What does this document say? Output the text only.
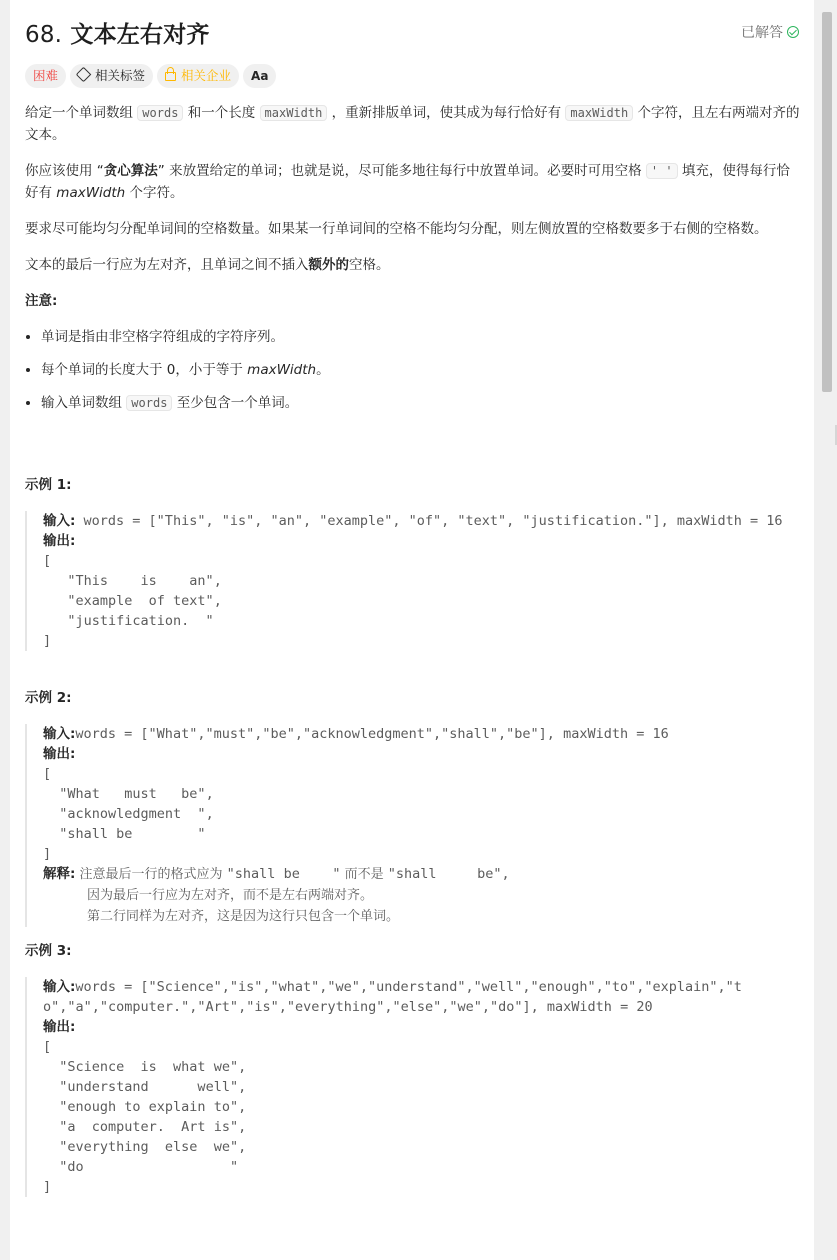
68. 文本左右对齐	已解答
困难	相关标签	相关企业 Aa

给定一个单词数组 words 和一个长度 maxWidth ，重新排版单词，使其成为每行恰好有 maxWidth 个字符，且左右两端对齐的文本。

你应该使用 “贪心算法” 来放置给定的单词；也就是说，尽可能多地往每行中放置单词。必要时可用空格 ' ' 填充，使得每行恰好有 maxWidth 个字符。

要求尽可能均匀分配单词间的空格数量。如果某一行单词间的空格不能均匀分配，则左侧放置的空格数要多于右侧的空格数。

文本的最后一行应为左对齐，且单词之间不插入额外的空格。

注意:

• 单词是指由非空格字符组成的字符序列。
• 每个单词的长度大于 0，小于等于 maxWidth。
• 输入单词数组 words 至少包含一个单词。

示例 1:

输入: words = ["This", "is", "an", "example", "of", "text", "justification."], maxWidth = 16
输出:
[
"This    is    an",
"example  of text",
"justification.  "
]

示例 2:

输入:words = ["What","must","be","acknowledgment","shall","be"], maxWidth = 16
输出:
[
"What   must   be",
"acknowledgment  ",
"shall be        "
]
解释: 注意最后一行的格式应为 "shall be    " 而不是 "shall     be",
因为最后一行应为左对齐，而不是左右两端对齐。
第二行同样为左对齐，这是因为这行只包含一个单词。

示例 3:

输入:words = ["Science","is","what","we","understand","well","enough","to","explain","to","a","computer.","Art","is","everything","else","we","do"], maxWidth = 20
输出:
[
"Science  is  what we",
"understand      well",
"enough to explain to",
"a  computer.  Art is",
"everything  else  we",
"do                  "
]
